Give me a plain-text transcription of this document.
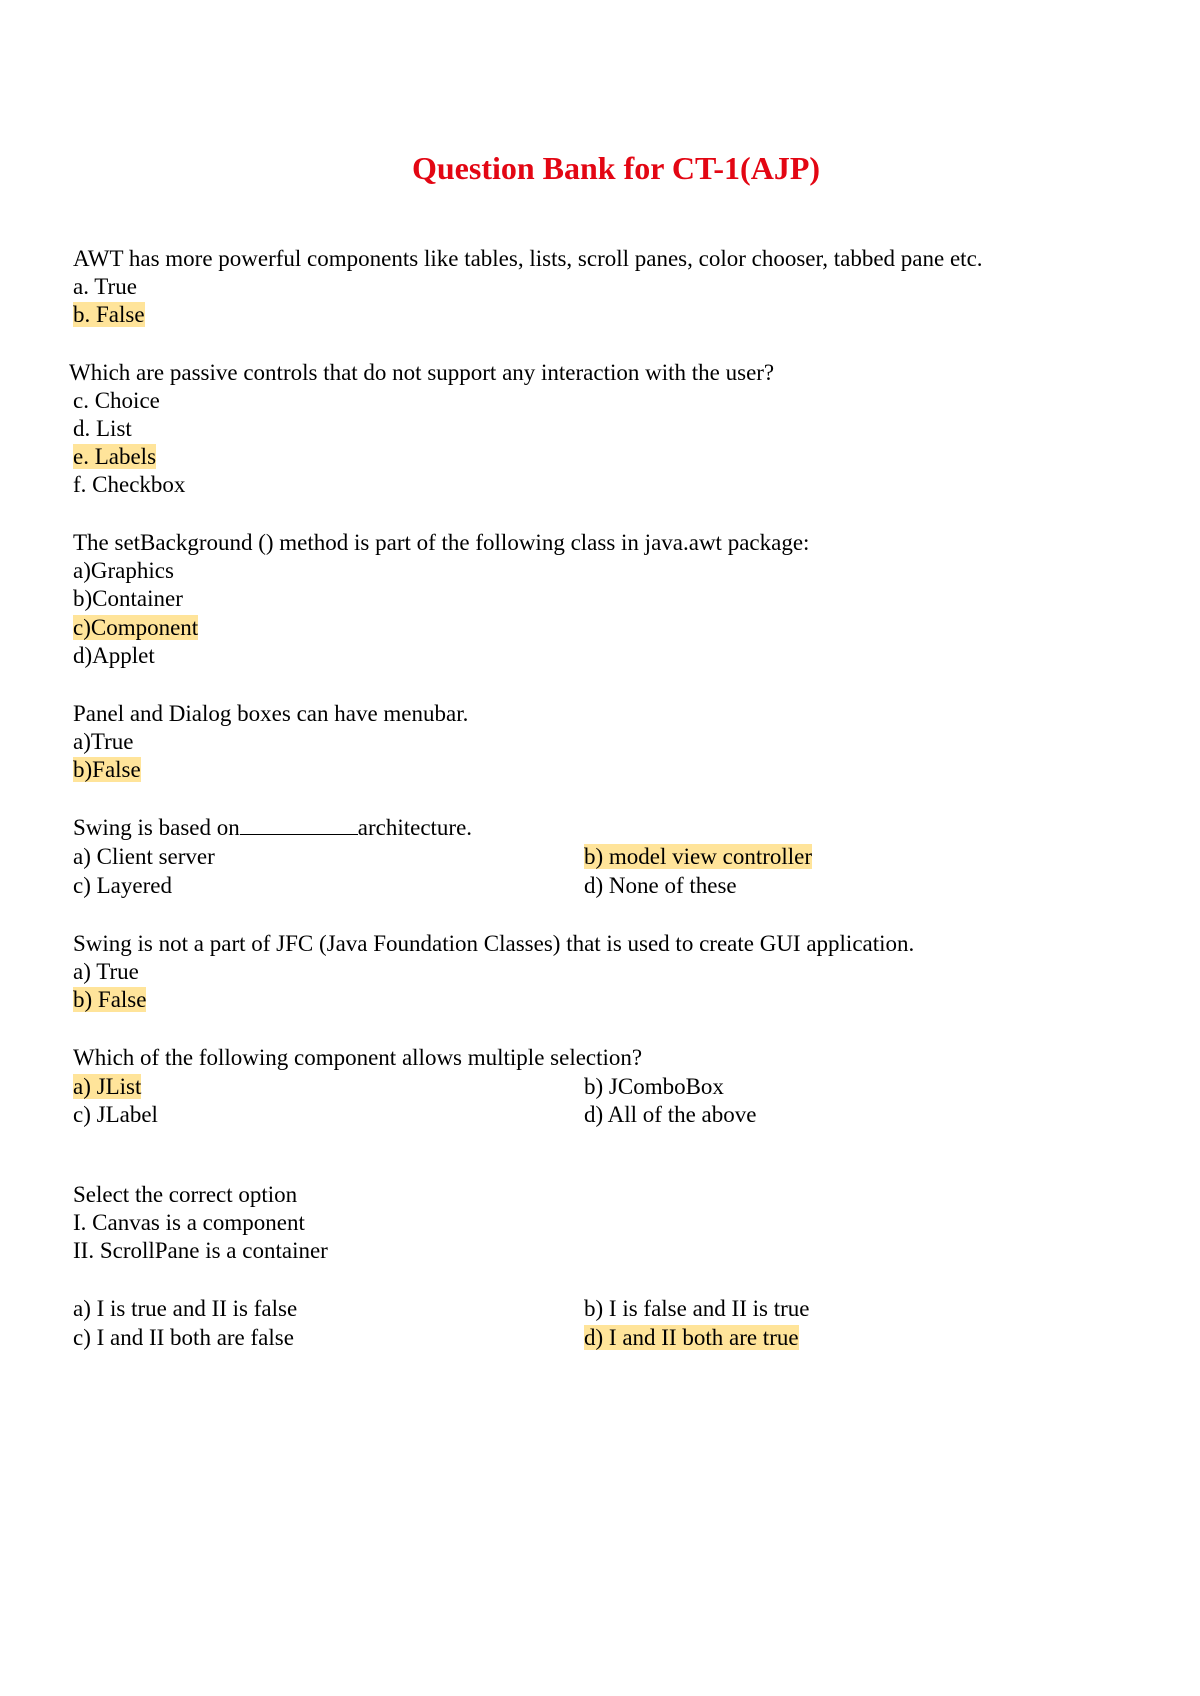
Question Bank for CT-1(AJP)
AWT has more powerful components like tables, lists, scroll panes, color chooser, tabbed pane etc.
a. True
b. False
Which are passive controls that do not support any interaction with the user?
c. Choice
d. List
e. Labels
f. Checkbox
The setBackground () method is part of the following class in java.awt package:
a)Graphics
b)Container
c)Component
d)Applet
Panel and Dialog boxes can have menubar.
a)True
b)False
Swing is based on	architecture.
a) Client server	b) model view controller
c) Layered	d) None of these
Swing is not a part of JFC (Java Foundation Classes) that is used to create GUI application.
a) True
b) False
Which of the following component allows multiple selection?
a) JList	b) JComboBox
c) JLabel	d) All of the above
Select the correct option
I. Canvas is a component
II. ScrollPane is a container
a) I is true and II is false	b) I is false and II is true
c) I and II both are false	d) I and II both are true
